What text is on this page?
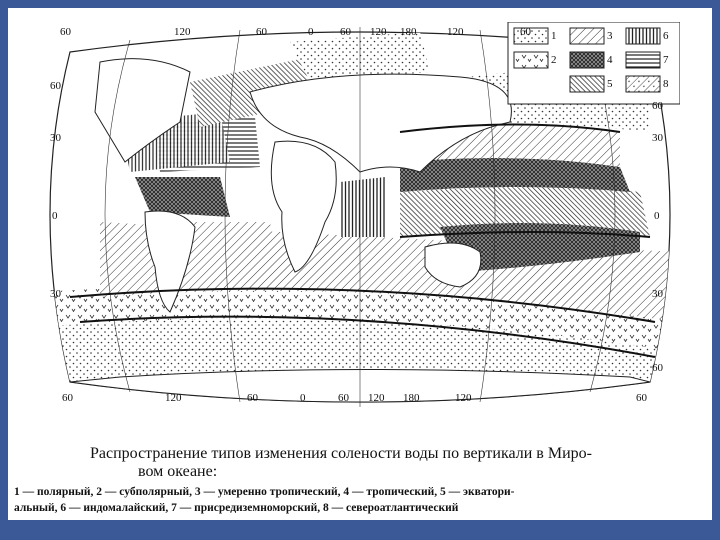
1
2
3
4
5
6
7
8
60	120	60	0 60 120 180	120	60
60
30
0
30
60
30
0
30
60
60	120	60	0	60 120 180	120	60
Распространение типов изменения солености воды по вертикали в Миро-
вом океане:
1 — полярный, 2 — субполярный, 3 — умеренно тропический, 4 — тропический, 5 — экватори-
альный, 6 — индомалайский, 7 — присредиземноморский, 8 — североатлантический
